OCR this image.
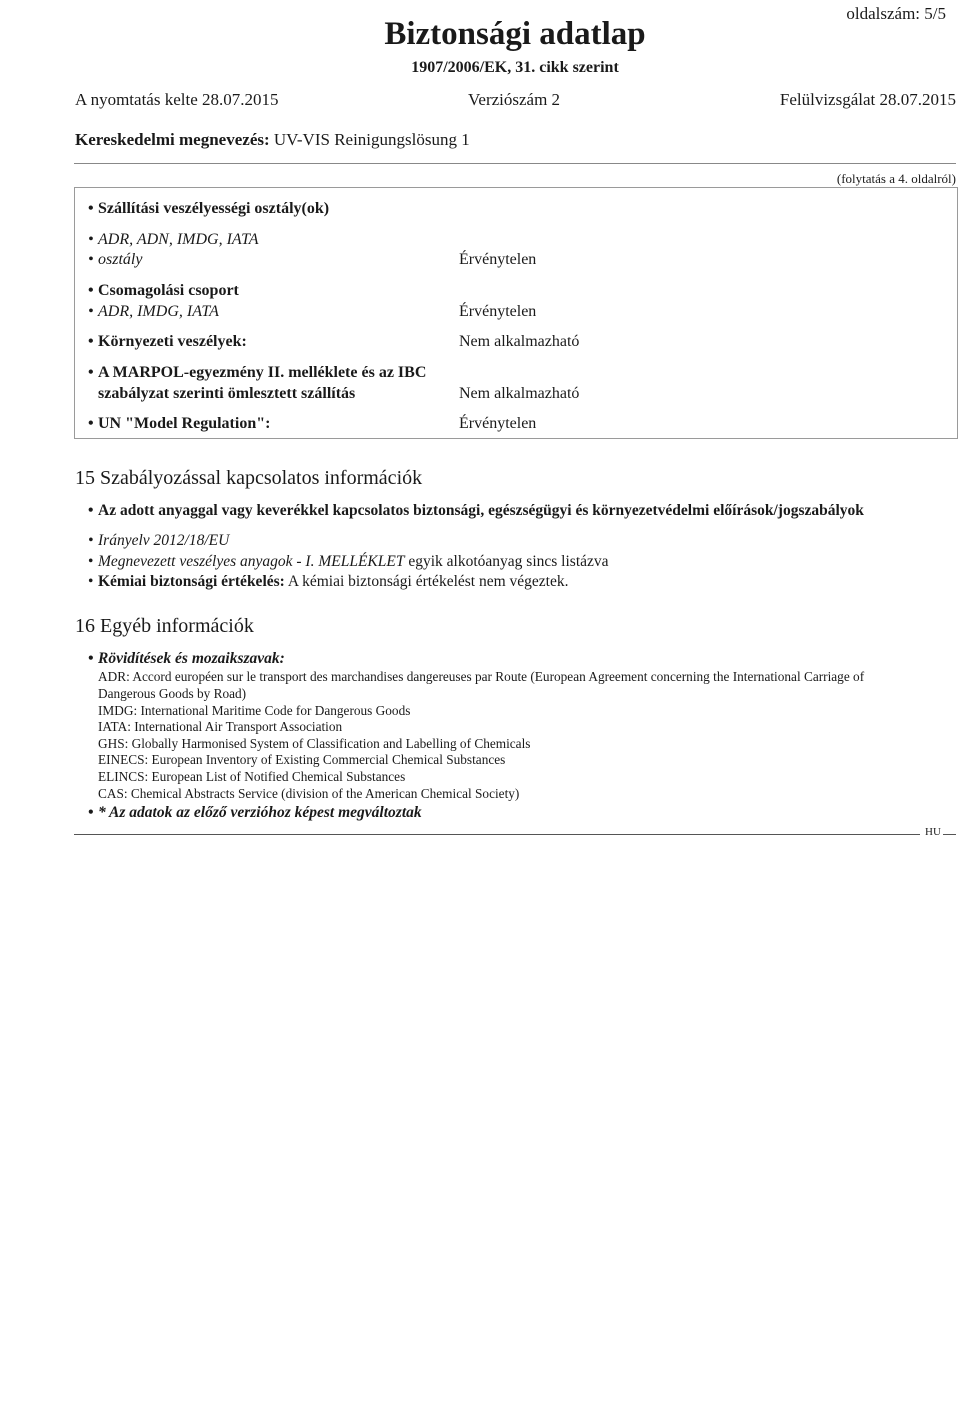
oldalszám: 5/5
Biztonsági adatlap
1907/2006/EK, 31. cikk szerint
A nyomtatás kelte 28.07.2015	Verziószám 2	Felülvizsgálat 28.07.2015
Kereskedelmi megnevezés: UV-VIS Reinigungslösung 1
(folytatás a 4. oldalról)
• Szállítási veszélyességi osztály(ok)
• ADR, ADN, IMDG, IATA
• osztály	Érvénytelen
• Csomagolási csoport
• ADR, IMDG, IATA	Érvénytelen
• Környezeti veszélyek:	Nem alkalmazható
• A MARPOL-egyezmény II. melléklete és az IBC
szabályzat szerinti ömlesztett szállítás	Nem alkalmazható
• UN "Model Regulation":	Érvénytelen
15 Szabályozással kapcsolatos információk
• Az adott anyaggal vagy keverékkel kapcsolatos biztonsági, egészségügyi és környezetvédelmi előírások/jogszabályok
• Irányelv 2012/18/EU
• Megnevezett veszélyes anyagok - I. MELLÉKLET egyik alkotóanyag sincs listázva
• Kémiai biztonsági értékelés: A kémiai biztonsági értékelést nem végeztek.
16 Egyéb információk
• Rövidítések és mozaikszavak:
ADR: Accord européen sur le transport des marchandises dangereuses par Route (European Agreement concerning the International Carriage of
Dangerous Goods by Road)
IMDG: International Maritime Code for Dangerous Goods
IATA: International Air Transport Association
GHS: Globally Harmonised System of Classification and Labelling of Chemicals
EINECS: European Inventory of Existing Commercial Chemical Substances
ELINCS: European List of Notified Chemical Substances
CAS: Chemical Abstracts Service (division of the American Chemical Society)
• * Az adatok az előző verzióhoz képest megváltoztak
HU
